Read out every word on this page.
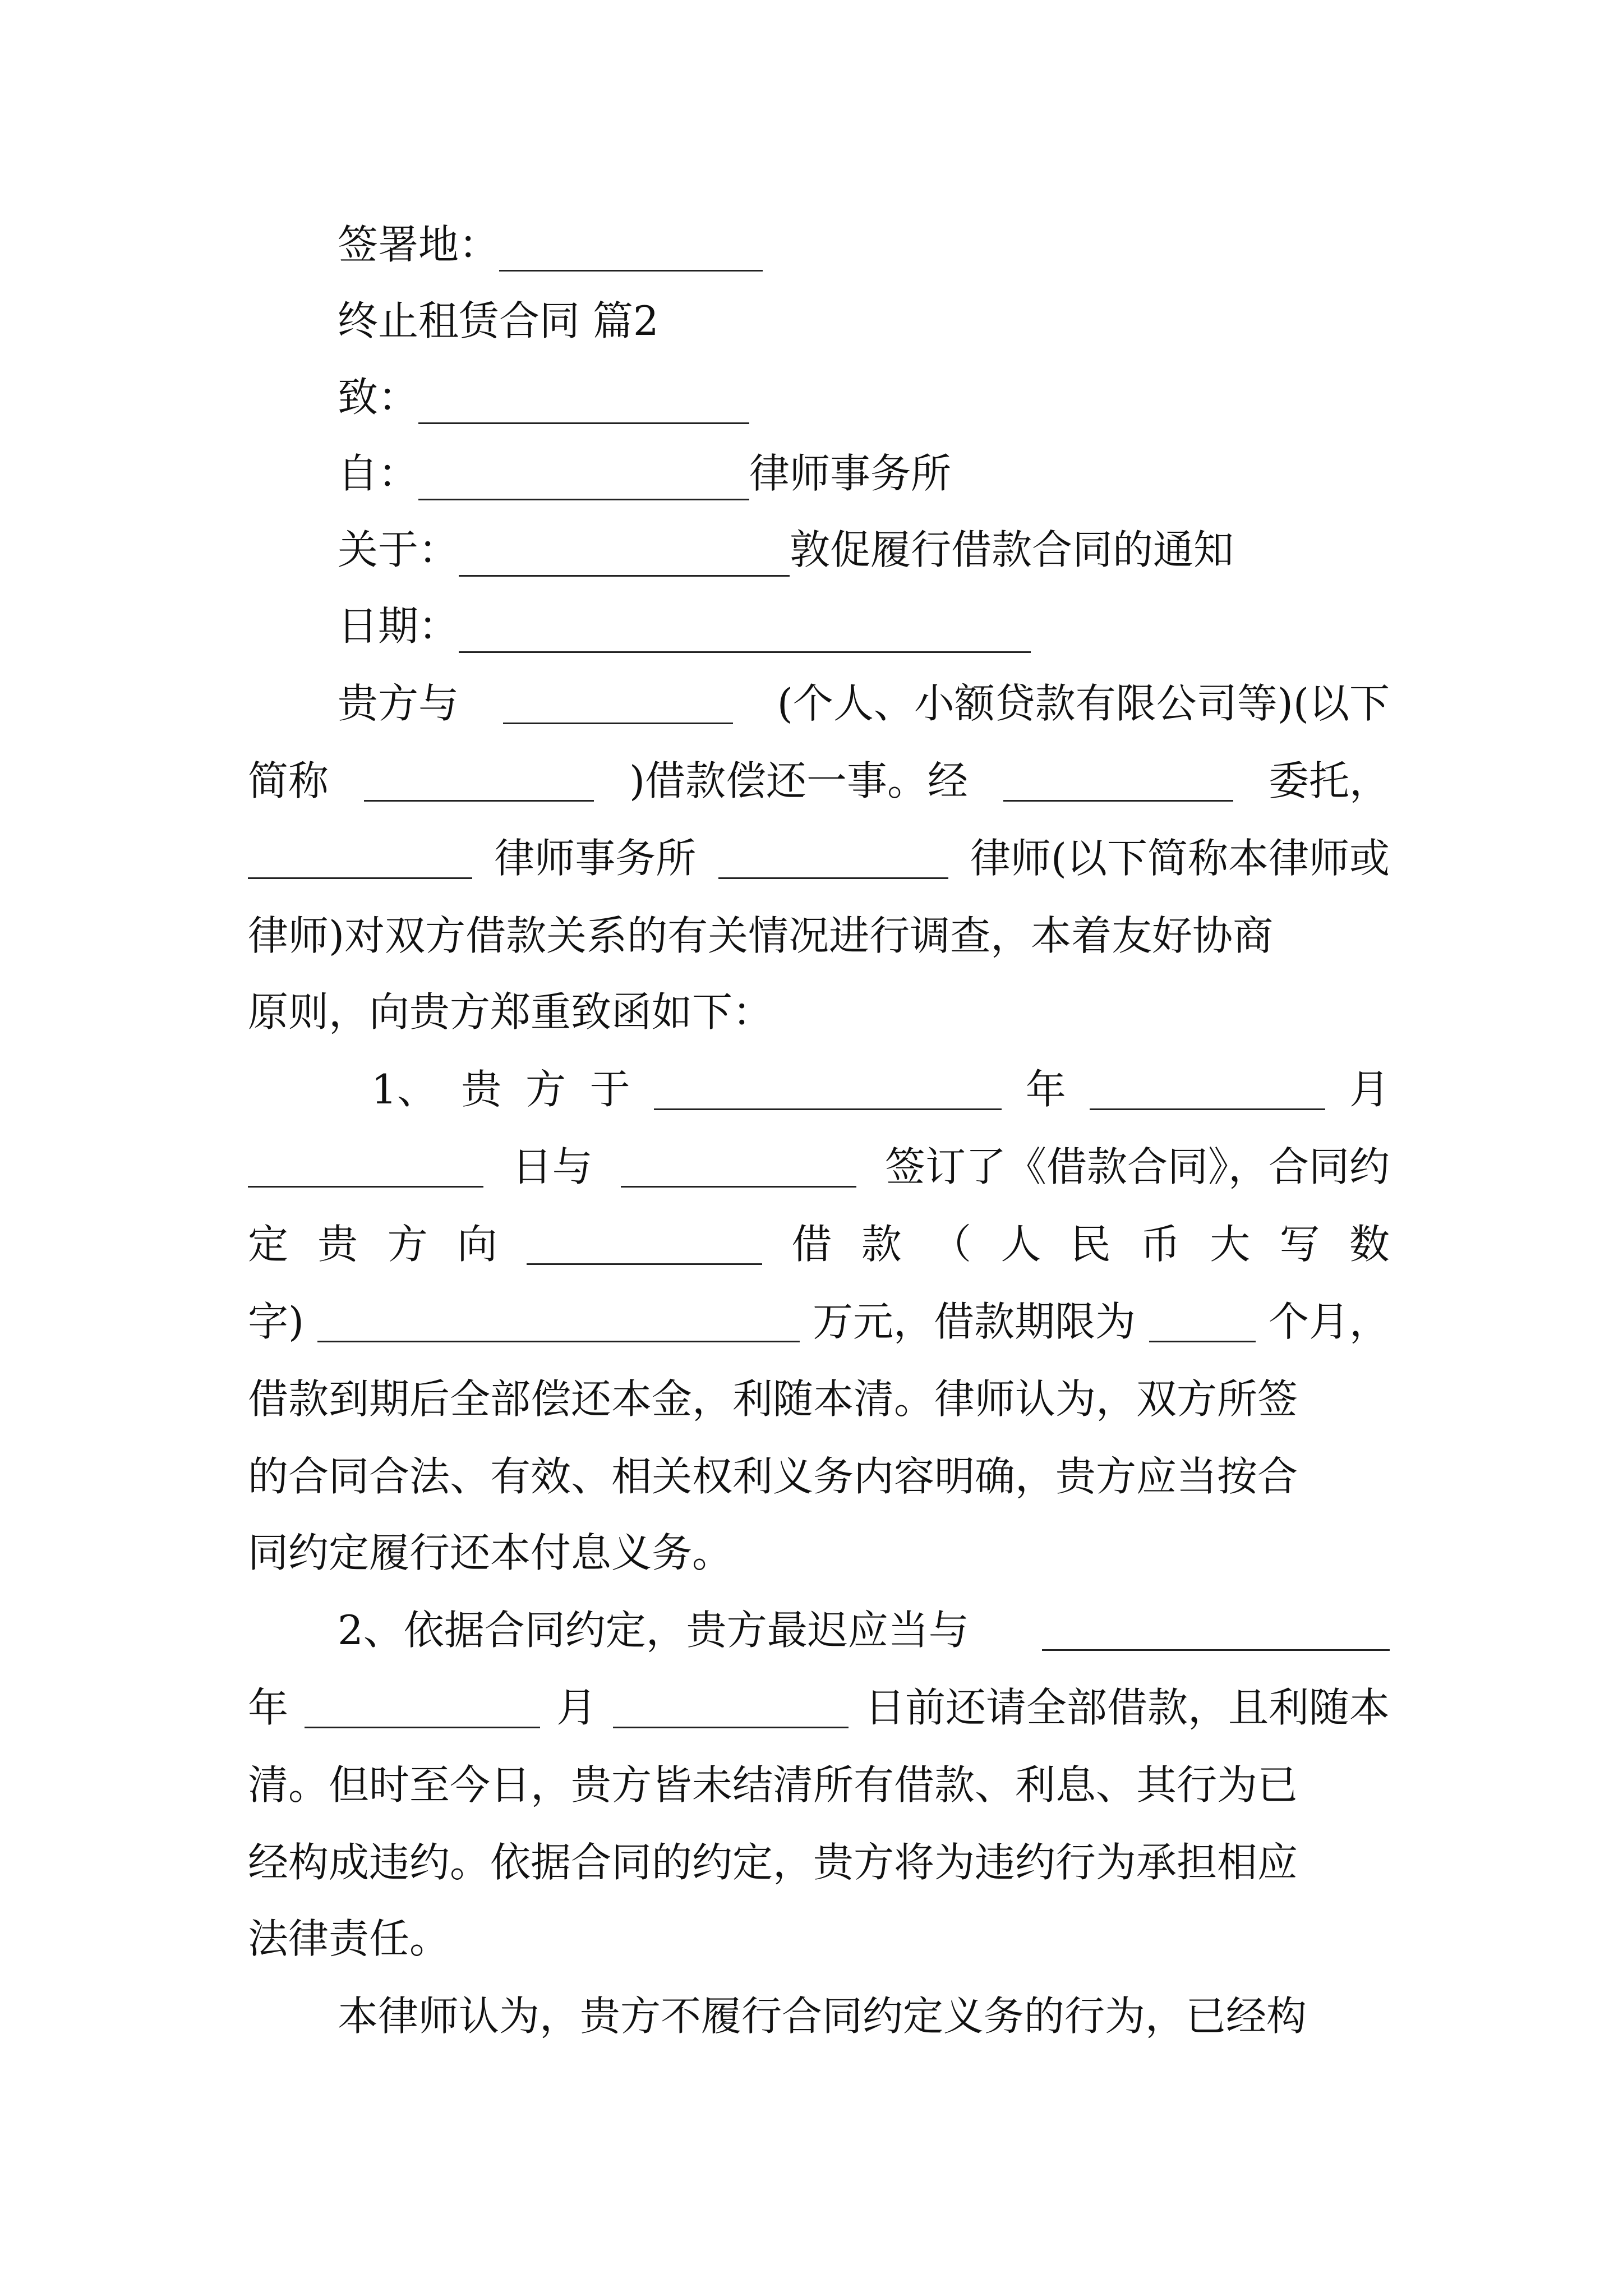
签署地：
终止租赁合同 篇2
致：
自：	律师事务所
关于：	敦促履行借款合同的通知
日期：
贵方与	(个人、小额贷款有限公司等)(以下
简称	)借款偿还一事。经	委托，
律师事务所	律师(以下简称本律师或
律师)对双方借款关系的有关情况进行调查，本着友好协商
原则，向贵方郑重致函如下：
1、 贵 方 于	年	月
日与	签订了《借款合同》，合同约
定 贵 方 向	借 款 （ 人 民 币 大 写 数
字)	万元，借款期限为	个月，
借款到期后全部偿还本金，利随本清。律师认为，双方所签
的合同合法、有效、相关权利义务内容明确，贵方应当按合
同约定履行还本付息义务。
2、依据合同约定，贵方最迟应当与
年	月	日前还请全部借款，且利随本
清。但时至今日，贵方皆未结清所有借款、利息、其行为已
经构成违约。依据合同的约定，贵方将为违约行为承担相应
法律责任。
本律师认为，贵方不履行合同约定义务的行为，已经构
